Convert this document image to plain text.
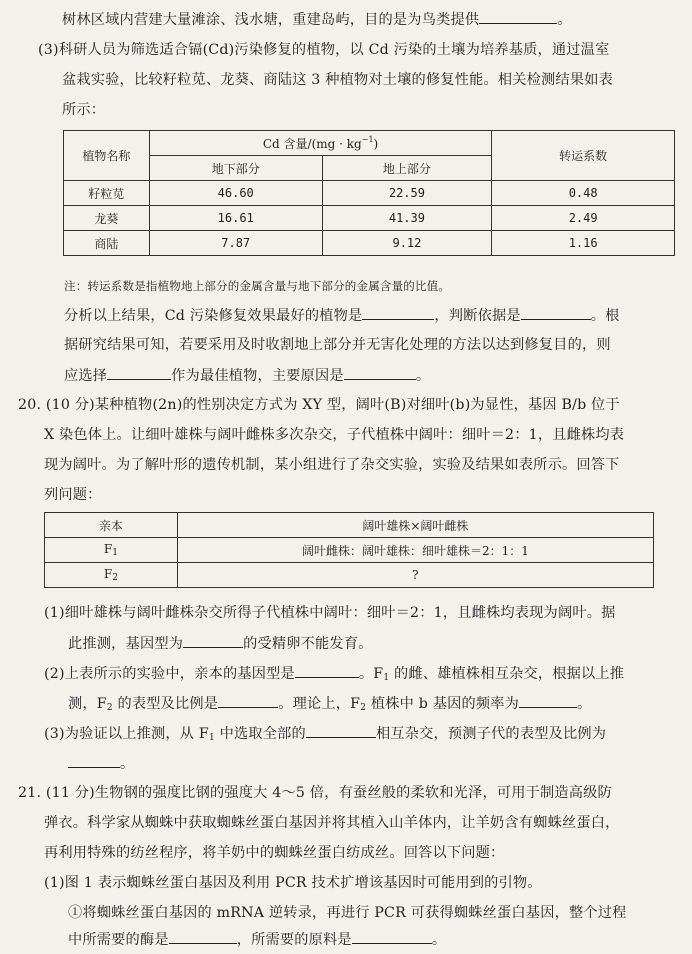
树林区域内营建大量滩涂、浅水塘，重建岛屿，目的是为鸟类提供	。
(3)科研人员为筛选适合镉(Cd)污染修复的植物，以 Cd 污染的土壤为培养基质，通过温室
盆栽实验，比较籽粒苋、龙葵、商陆这 3 种植物对土壤的修复性能。相关检测结果如表
所示：
植物名称	Cd 含量$/(mg \cdot kg^{-1})$		转运系数
	地下部分	地上部分	
籽粒苋	46.60	22.59	0.48
龙葵	16.61	41.39	2.49
商陆	7.87	9.12	1.16
注：转运系数是指植物地上部分的金属含量与地下部分的金属含量的比值。
分析以上结果，Cd 污染修复效果最好的植物是	，判断依据是	。根
据研究结果可知，若要采用及时收割地上部分并无害化处理的方法以达到修复目的，则
应选择	作为最佳植物，主要原因是	。
20. (10 分)某种植物(2n)的性别决定方式为 XY 型，阔叶(B)对细叶(b)为显性，基因 B/b 位于
X 染色体上。让细叶雄株与阔叶雌株多次杂交，子代植株中阔叶：细叶＝2：1，且雌株均表
现为阔叶。为了解叶形的遗传机制，某小组进行了杂交实验，实验及结果如表所示。回答下
列问题：
亲本	阔叶雄株×阔叶雌株
$F_1$	阔叶雌株：阔叶雄株：细叶雄株＝2：1：1
$F_2$	?
(1)细叶雄株与阔叶雌株杂交所得子代植株中阔叶：细叶＝2：1，且雌株均表现为阔叶。据
此推测，基因型为	的受精卵不能发育。
(2)上表所示的实验中，亲本的基因型是	。$F_1$ 的雌、雄植株相互杂交，根据以上推
测，$F_2$ 的表型及比例是	。理论上，$F_2$ 植株中 b 基因的频率为	。
(3)为验证以上推测，从 $F_1$ 中选取全部的	相互杂交，预测子代的表型及比例为
。
21. (11 分)生物钢的强度比钢的强度大 4～5 倍，有蚕丝般的柔软和光泽，可用于制造高级防
弹衣。科学家从蜘蛛中获取蜘蛛丝蛋白基因并将其植入山羊体内，让羊奶含有蜘蛛丝蛋白，
再利用特殊的纺丝程序，将羊奶中的蜘蛛丝蛋白纺成丝。回答以下问题：
(1)图 1 表示蜘蛛丝蛋白基因及利用 PCR 技术扩增该基因时可能用到的引物。
①将蜘蛛丝蛋白基因的 mRNA 逆转录，再进行 PCR 可获得蜘蛛丝蛋白基因，整个过程
中所需要的酶是	，所需要的原料是	。
